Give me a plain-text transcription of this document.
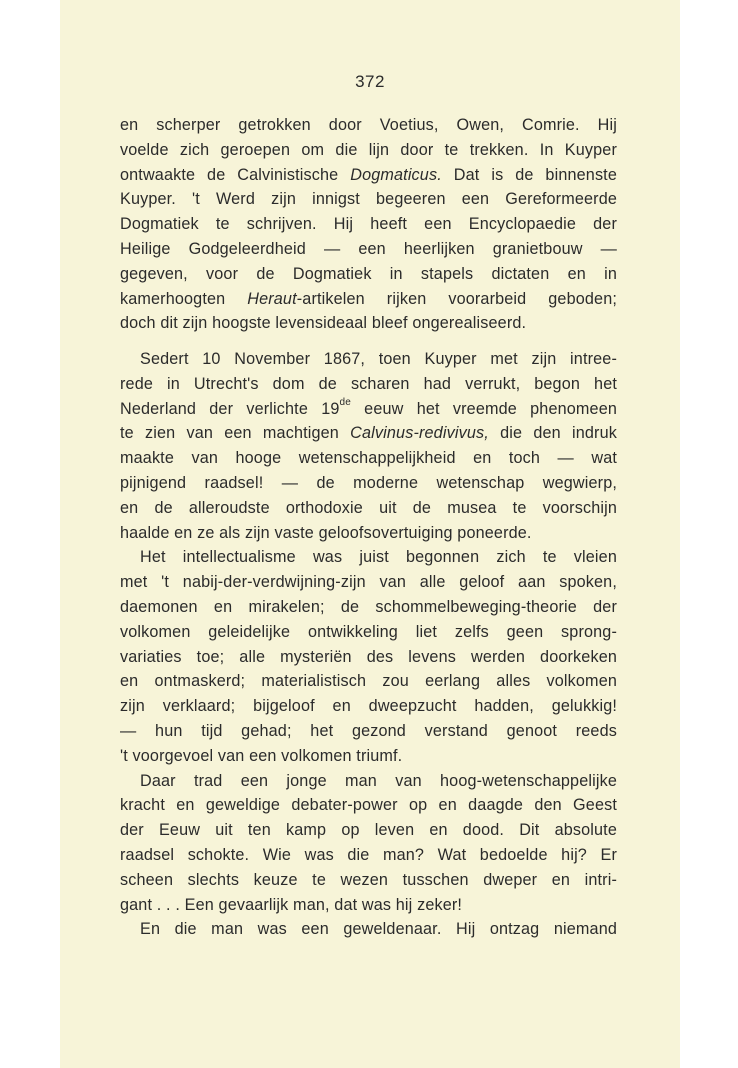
372
en scherper getrokken door Voetius, Owen, Comrie. Hij
voelde zich geroepen om die lijn door te trekken. In Kuyper
ontwaakte de Calvinistische Dogmaticus. Dat is de binnenste
Kuyper. 't Werd zijn innigst begeeren een Gereformeerde
Dogmatiek te schrijven. Hij heeft een Encyclopaedie der
Heilige Godgeleerdheid — een heerlijken granietbouw —
gegeven, voor de Dogmatiek in stapels dictaten en in
kamerhoogten Heraut-artikelen rijken voorarbeid geboden;
doch dit zijn hoogste levensideaal bleef ongerealiseerd.
Sedert 10 November 1867, toen Kuyper met zijn intree-
rede in Utrecht's dom de scharen had verrukt, begon het
Nederland der verlichte 19de eeuw het vreemde phenomeen
te zien van een machtigen Calvinus-redivivus, die den indruk
maakte van hooge wetenschappelijkheid en toch — wat
pijnigend raadsel! — de moderne wetenschap wegwierp,
en de alleroudste orthodoxie uit de musea te voorschijn
haalde en ze als zijn vaste geloofsovertuiging poneerde.
Het intellectualisme was juist begonnen zich te vleien
met 't nabij-der-verdwijning-zijn van alle geloof aan spoken,
daemonen en mirakelen; de schommelbeweging-theorie der
volkomen geleidelijke ontwikkeling liet zelfs geen sprong-
variaties toe; alle mysteriën des levens werden doorkeken
en ontmaskerd; materialistisch zou eerlang alles volkomen
zijn verklaard; bijgeloof en dweepzucht hadden, gelukkig!
— hun tijd gehad; het gezond verstand genoot reeds
't voorgevoel van een volkomen triumf.
Daar trad een jonge man van hoog-wetenschappelijke
kracht en geweldige debater-power op en daagde den Geest
der Eeuw uit ten kamp op leven en dood. Dit absolute
raadsel schokte. Wie was die man? Wat bedoelde hij? Er
scheen slechts keuze te wezen tusschen dweper en intri-
gant . . . Een gevaarlijk man, dat was hij zeker!
En die man was een geweldenaar. Hij ontzag niemand
